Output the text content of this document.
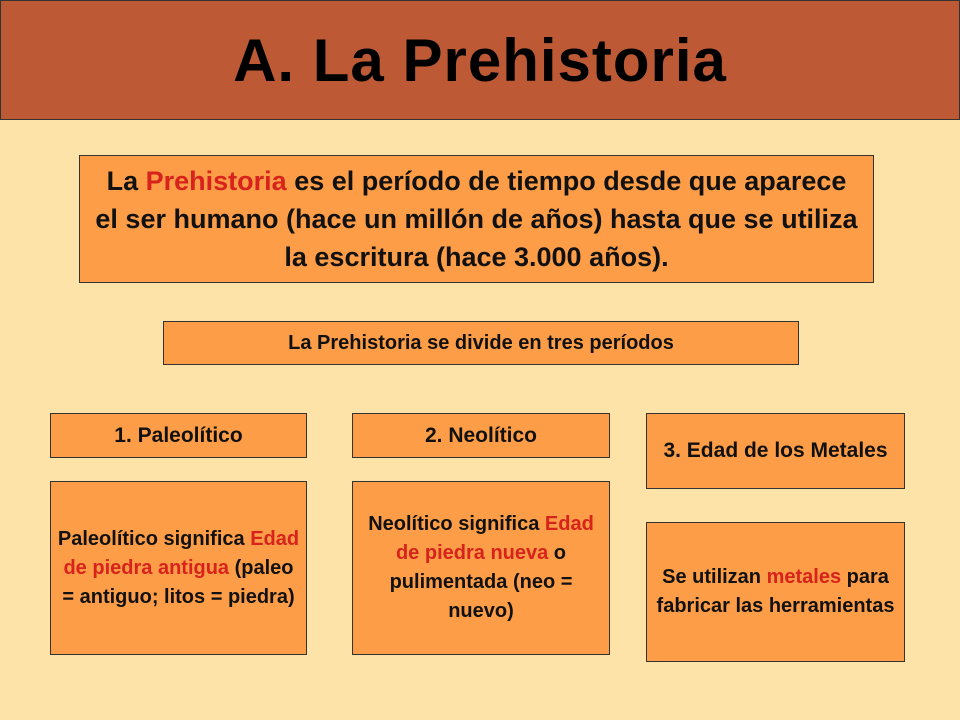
A. La Prehistoria
La Prehistoria es el período de tiempo desde que aparece el ser humano (hace un millón de años) hasta que se utiliza la escritura (hace 3.000 años).
La Prehistoria se divide en tres períodos
1. Paleolítico	2. Neolítico
3. Edad de los Metales
Paleolítico significa Edad de piedra antigua (paleo = antiguo; litos = piedra)
Neolítico significa Edad de piedra nueva o pulimentada (neo = nuevo)
Se utilizan metales para fabricar las herramientas
